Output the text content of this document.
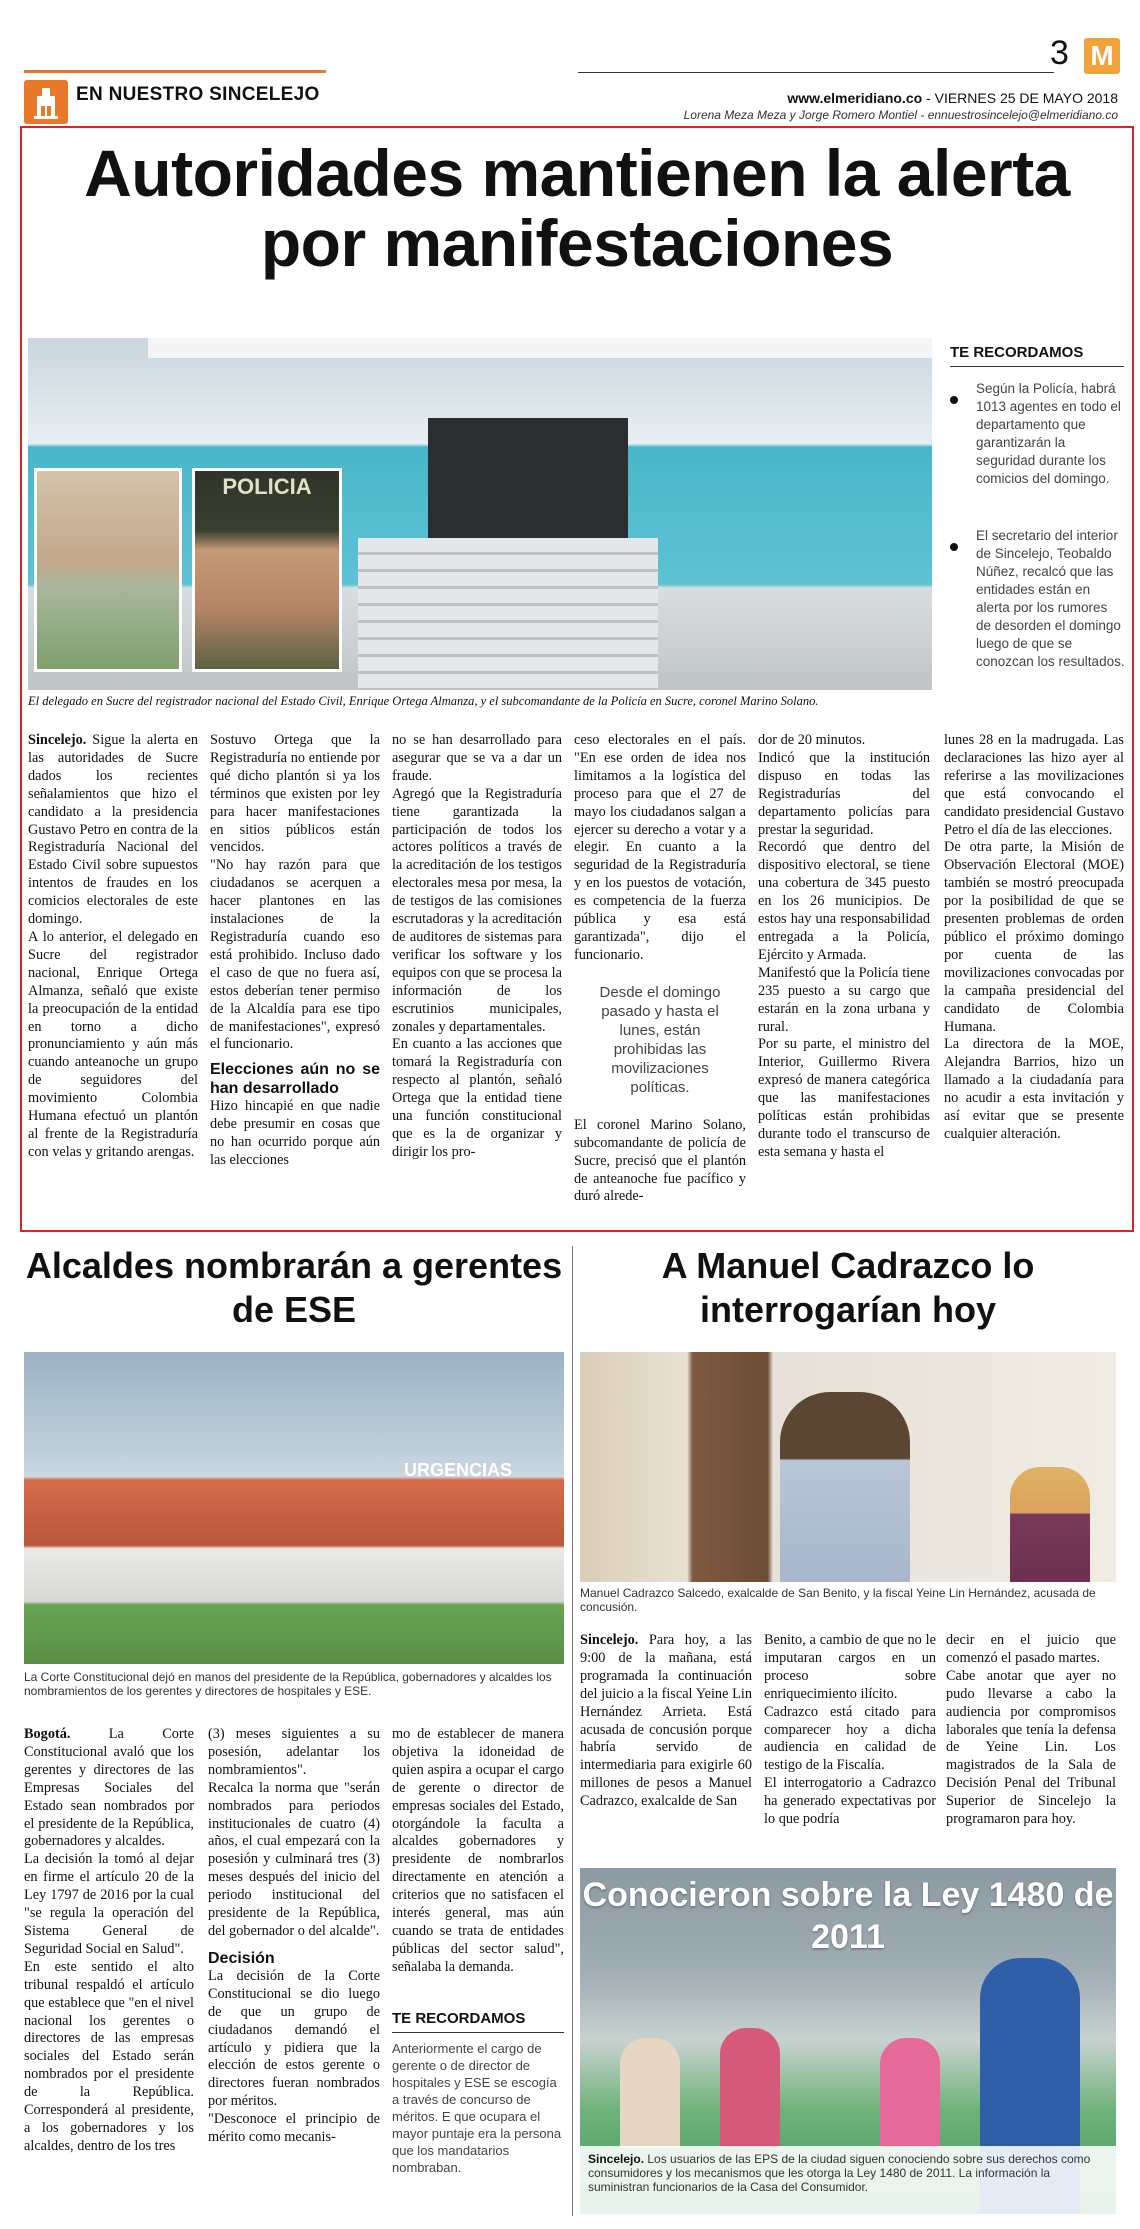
EN NUESTRO SINCELEJO
3 M
www.elmeridiano.co - VIERNES 25 DE MAYO 2018
Lorena Meza Meza y Jorge Romero Montiel - ennuestrosincelejo@elmeridiano.co
Autoridades mantienen la alerta por manifestaciones
POLICIA
El delegado en Sucre del registrador nacional del Estado Civil, Enrique Ortega Almanza, y el subcomandante de la Policía en Sucre, coronel Marino Solano.
TE RECORDAMOS
Según la Policía, habrá 1013 agentes en todo el departamento que garantizarán la seguridad durante los comicios del domingo.
El secretario del interior de Sincelejo, Teobaldo Núñez, recalcó que las entidades están en alerta por los rumores de desorden el domingo luego de que se conozcan los resultados.

Sincelejo. Sigue la alerta en las autoridades de Sucre dados los recientes señalamientos que hizo el candidato a la presidencia Gustavo Petro en contra de la Registraduría Nacional del Estado Civil sobre supuestos intentos de fraudes en los comicios electorales de este domingo.

A lo anterior, el delegado en Sucre del registrador nacional, Enrique Ortega Almanza, señaló que existe la preocupación de la entidad en torno a dicho pronunciamiento y aún más cuando anteanoche un grupo de seguidores del movimiento Colombia Humana efectuó un plantón al frente de la Registraduría con velas y gritando arengas.

Sostuvo Ortega que la Registraduría no entiende por qué dicho plantón si ya los términos que existen por ley para hacer manifestaciones en sitios públicos están vencidos.

"No hay razón para que ciudadanos se acerquen a hacer plantones en las instalaciones de la Registraduría cuando eso está prohibido. Incluso dado el caso de que no fuera así, estos deberían tener permiso de la Alcaldía para ese tipo de manifestaciones", expresó el funcionario.

Elecciones aún no se han desarrollado

Hizo hincapié en que nadie debe presumir en cosas que no han ocurrido porque aún las elecciones

no se han desarrollado para asegurar que se va a dar un fraude.

Agregó que la Registraduría tiene garantizada la participación de todos los actores políticos a través de la acreditación de los testigos electorales mesa por mesa, la de testigos de las comisiones escrutadoras y la acreditación de auditores de sistemas para verificar los software y los equipos con que se procesa la información de los escrutinios municipales, zonales y departamentales.

En cuanto a las acciones que tomará la Registraduría con respecto al plantón, señaló Ortega que la entidad tiene una función constitucional que es la de organizar y dirigir los pro-

ceso electorales en el país. "En ese orden de idea nos limitamos a la logística del proceso para que el 27 de mayo los ciudadanos salgan a ejercer su derecho a votar y a elegir. En cuanto a la seguridad de la Registraduría y en los puestos de votación, es competencia de la fuerza pública y esa está garantizada", dijo el funcionario.

Desde el domingo pasado y hasta el lunes, están prohibidas las movilizaciones políticas.

El coronel Marino Solano, subcomandante de policía de Sucre, precisó que el plantón de anteanoche fue pacífico y duró alrede-

dor de 20 minutos.

Indicó que la institución dispuso en todas las Registradurías del departamento policías para prestar la seguridad.

Recordó que dentro del dispositivo electoral, se tiene una cobertura de 345 puesto en los 26 municipios. De estos hay una responsabilidad entregada a la Policía, Ejército y Armada.

Manifestó que la Policía tiene 235 puesto a su cargo que estarán en la zona urbana y rural.

Por su parte, el ministro del Interior, Guillermo Rivera expresó de manera categórica que las manifestaciones políticas están prohibidas durante todo el transcurso de esta semana y hasta el

lunes 28 en la madrugada. Las declaraciones las hizo ayer al referirse a las movilizaciones que está convocando el candidato presidencial Gustavo Petro el día de las elecciones.

De otra parte, la Misión de Observación Electoral (MOE) también se mostró preocupada por la posibilidad de que se presenten problemas de orden público el próximo domingo por cuenta de las movilizaciones convocadas por la campaña presidencial del candidato de Colombia Humana.

La directora de la MOE, Alejandra Barrios, hizo un llamado a la ciudadanía para no acudir a esta invitación y así evitar que se presente cualquier alteración.

Alcaldes nombrarán a gerentes de ESE
URGENCIAS
La Corte Constitucional dejó en manos del presidente de la República, gobernadores y alcaldes los nombramientos de los gerentes y directores de hospitales y ESE.

Bogotá. La Corte Constitucional avaló que los gerentes y directores de las Empresas Sociales del Estado sean nombrados por el presidente de la República, gobernadores y alcaldes.

La decisión la tomó al dejar en firme el artículo 20 de la Ley 1797 de 2016 por la cual "se regula la operación del Sistema General de Seguridad Social en Salud".

En este sentido el alto tribunal respaldó el artículo que establece que "en el nivel nacional los gerentes o directores de las empresas sociales del Estado serán nombrados por el presidente de la República. Corresponderá al presidente, a los gobernadores y los alcaldes, dentro de los tres

(3) meses siguientes a su posesión, adelantar los nombramientos".

Recalca la norma que "serán nombrados para periodos institucionales de cuatro (4) años, el cual empezará con la posesión y culminará tres (3) meses después del inicio del periodo institucional del presidente de la República, del gobernador o del alcalde".

Decisión

La decisión de la Corte Constitucional se dio luego de que un grupo de ciudadanos demandó el artículo y pidiera que la elección de estos gerente o directores fueran nombrados por méritos.

"Desconoce el principio de mérito como mecanis-

mo de establecer de manera objetiva la idoneidad de quien aspira a ocupar el cargo de gerente o director de empresas sociales del Estado, otorgándole la faculta a alcaldes gobernadores y presidente de nombrarlos directamente en atención a criterios que no satisfacen el interés general, mas aún cuando se trata de entidades públicas del sector salud", señalaba la demanda.

TE RECORDAMOS
Anteriormente el cargo de gerente o de director de hospitales y ESE se escogía a través de concurso de méritos. E que ocupara el mayor puntaje era la persona que los mandatarios nombraban.
A Manuel Cadrazco lo interrogarían hoy
Manuel Cadrazco Salcedo, exalcalde de San Benito, y la fiscal Yeine Lin Hernández, acusada de concusión.

Sincelejo. Para hoy, a las 9:00 de la mañana, está programada la continuación del juicio a la fiscal Yeine Lin Hernández Arrieta. Está acusada de concusión porque habría servido de intermediaria para exigirle 60 millones de pesos a Manuel Cadrazco, exalcalde de San

Benito, a cambio de que no le imputaran cargos en un proceso sobre enriquecimiento ilícito.

Cadrazco está citado para comparecer hoy a dicha audiencia en calidad de testigo de la Fiscalía.

El interrogatorio a Cadrazco ha generado expectativas por lo que podría

decir en el juicio que comenzó el pasado martes.

Cabe anotar que ayer no pudo llevarse a cabo la audiencia por compromisos laborales que tenía la defensa de Yeine Lin. Los magistrados de la Sala de Decisión Penal del Tribunal Superior de Sincelejo la programaron para hoy.

Conocieron sobre la Ley 1480 de 2011
Sincelejo. Los usuarios de las EPS de la ciudad siguen conociendo sobre sus derechos como consumidores y los mecanismos que les otorga la Ley 1480 de 2011. La información la suministran funcionarios de la Casa del Consumidor.
